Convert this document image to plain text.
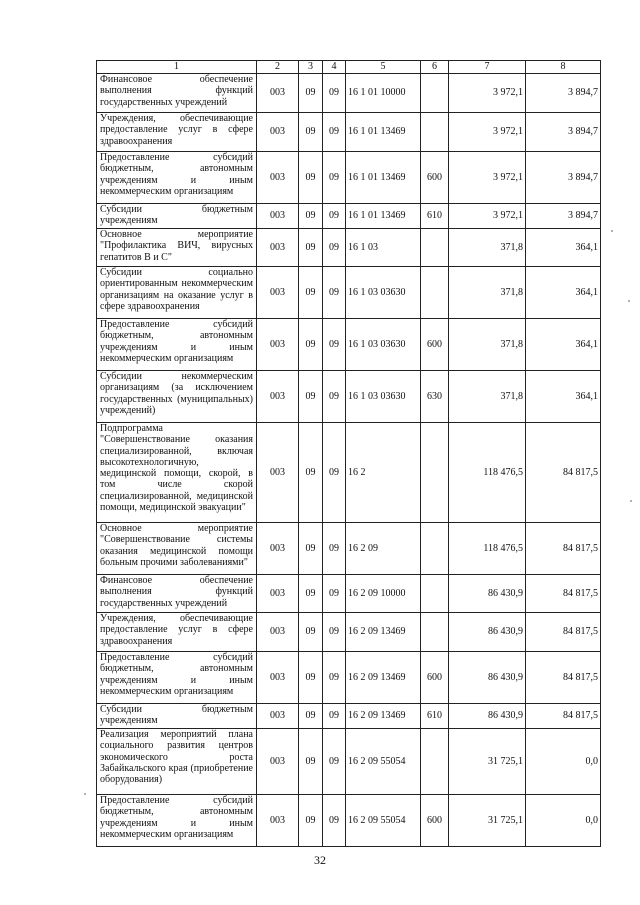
1	2	3	4	5	6	7	8
Финансовое обеспечение выполнения функций государственных учреждений	003	09	09	16 1 01 10000		3 972,1	3 894,7
Учреждения, обеспечивающие предоставление услуг в сфере здравоохранения	003	09	09	16 1 01 13469		3 972,1	3 894,7
Предоставление субсидий бюджетным, автономным учреждениям и иным некоммерческим организациям	003	09	09	16 1 01 13469	600	3 972,1	3 894,7
Субсидии бюджетным учреждениям	003	09	09	16 1 01 13469	610	3 972,1	3 894,7
Основное мероприятие "Профилактика ВИЧ, вирусных гепатитов В и С"	003	09	09	16 1 03		371,8	364,1
Субсидии социально ориентированным некоммерческим организациям на оказание услуг в сфере здравоохранения	003	09	09	16 1 03 03630		371,8	364,1
Предоставление субсидий бюджетным, автономным учреждениям и иным некоммерческим организациям	003	09	09	16 1 03 03630	600	371,8	364,1
Субсидии некоммерческим организациям (за исключением государственных (муниципальных) учреждений)	003	09	09	16 1 03 03630	630	371,8	364,1
Подпрограмма "Совершенствование оказания специализированной, включая высокотехнологичную, медицинской помощи, скорой, в том числе скорой специализированной, медицинской помощи, медицинской эвакуации"	003	09	09	16 2		118 476,5	84 817,5
Основное мероприятие "Совершенствование системы оказания медицинской помощи больным прочими заболеваниями"	003	09	09	16 2 09		118 476,5	84 817,5
Финансовое обеспечение выполнения функций государственных учреждений	003	09	09	16 2 09 10000		86 430,9	84 817,5
Учреждения, обеспечивающие предоставление услуг в сфере здравоохранения	003	09	09	16 2 09 13469		86 430,9	84 817,5
Предоставление субсидий бюджетным, автономным учреждениям и иным некоммерческим организациям	003	09	09	16 2 09 13469	600	86 430,9	84 817,5
Субсидии бюджетным учреждениям	003	09	09	16 2 09 13469	610	86 430,9	84 817,5
Реализация мероприятий плана социального развития центров экономического роста Забайкальского края (приобретение оборудования)	003	09	09	16 2 09 55054		31 725,1	0,0
Предоставление субсидий бюджетным, автономным учреждениям и иным некоммерческим организациям	003	09	09	16 2 09 55054	600	31 725,1	0,0
32
